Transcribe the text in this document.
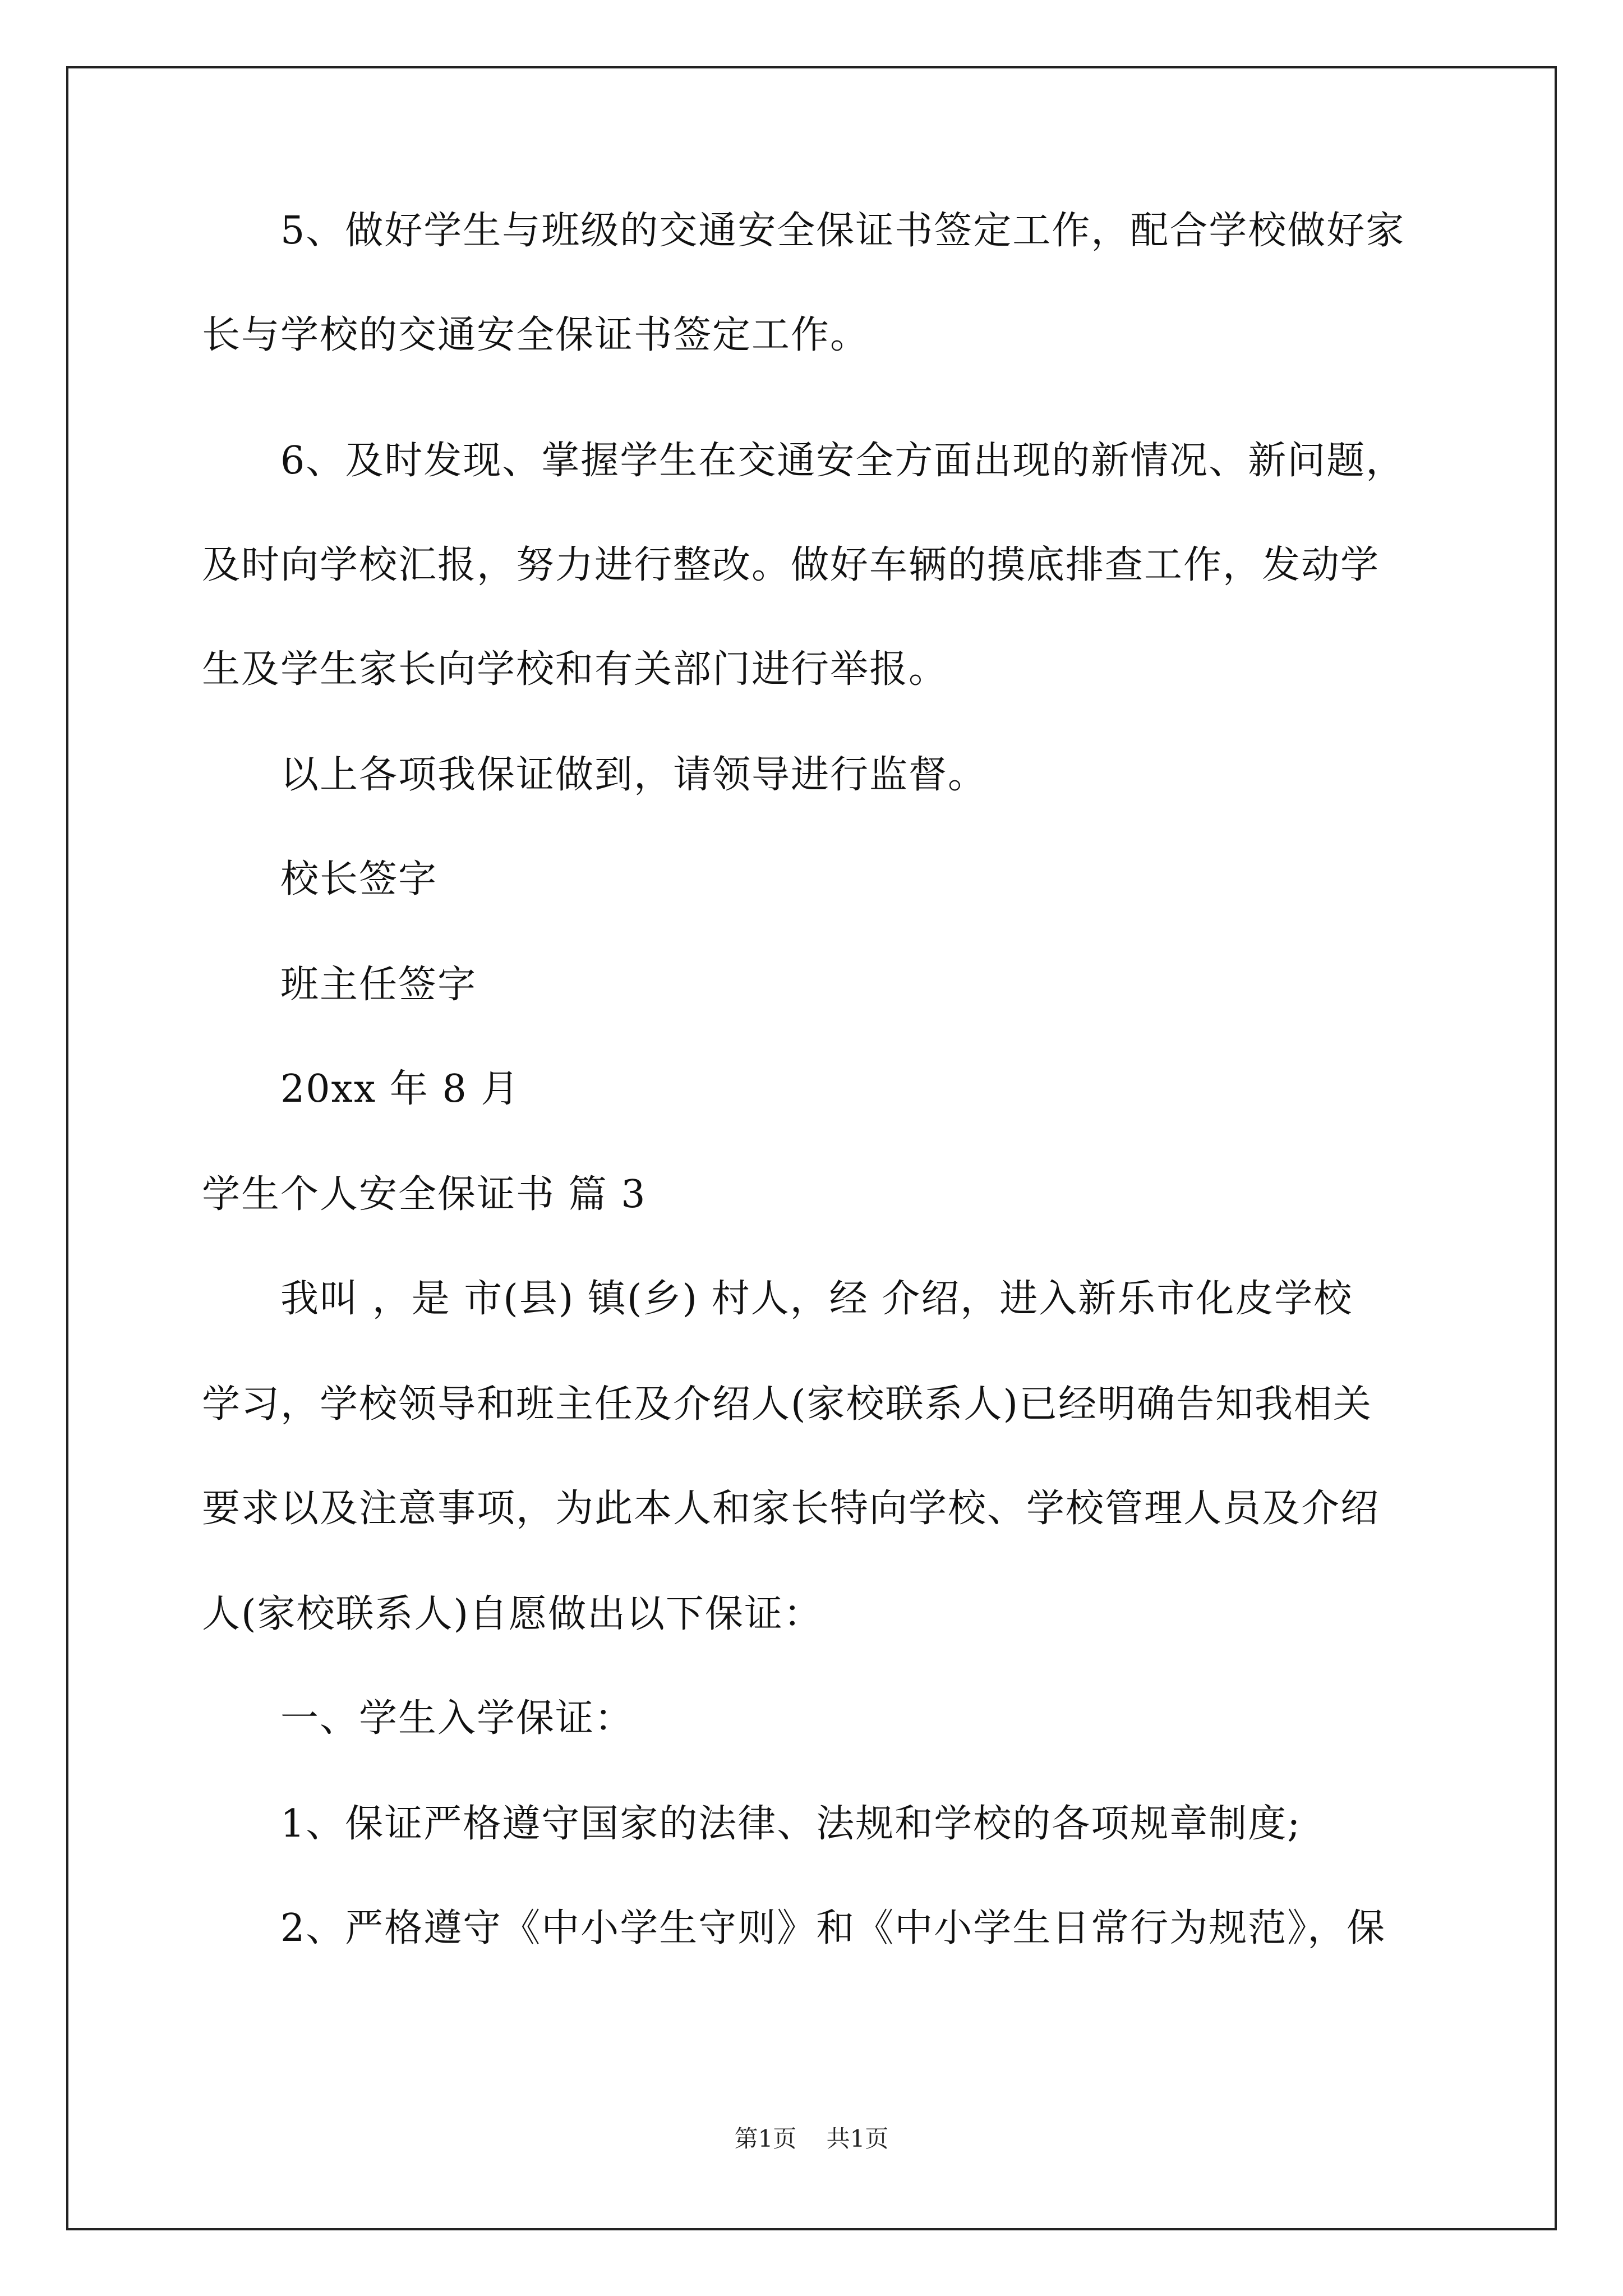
5、做好学生与班级的交通安全保证书签定工作，配合学校做好家
长与学校的交通安全保证书签定工作。
6、及时发现、掌握学生在交通安全方面出现的新情况、新问题，
及时向学校汇报，努力进行整改。做好车辆的摸底排查工作，发动学
生及学生家长向学校和有关部门进行举报。
以上各项我保证做到，请领导进行监督。
校长签字
班主任签字
20xx 年 8 月
学生个人安全保证书 篇 3
我叫 ，是 市(县) 镇(乡) 村人，经 介绍，进入新乐市化皮学校
学习，学校领导和班主任及介绍人(家校联系人)已经明确告知我相关
要求以及注意事项，为此本人和家长特向学校、学校管理人员及介绍
人(家校联系人)自愿做出以下保证：
一、学生入学保证：
1、保证严格遵守国家的法律、法规和学校的各项规章制度;
2、严格遵守《中小学生守则》和《中小学生日常行为规范》，保
第1页 共1页
